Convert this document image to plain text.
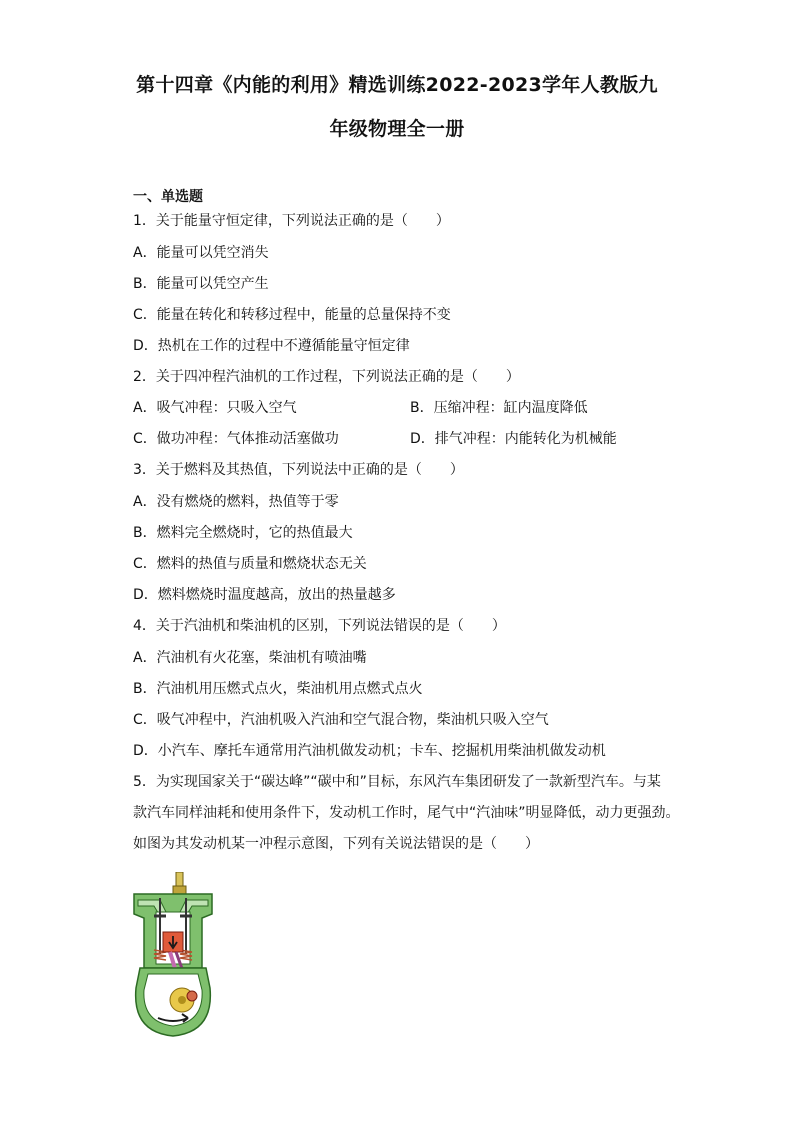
第十四章《内能的利用》精选训练2022-2023学年人教版九
年级物理全一册
一、单选题
1．关于能量守恒定律，下列说法正确的是（　　）
A．能量可以凭空消失
B．能量可以凭空产生
C．能量在转化和转移过程中，能量的总量保持不变
D．热机在工作的过程中不遵循能量守恒定律
2．关于四冲程汽油机的工作过程，下列说法正确的是（　　）
A．吸气冲程：只吸入空气	B．压缩冲程：缸内温度降低
C．做功冲程：气体推动活塞做功	D．排气冲程：内能转化为机械能
3．关于燃料及其热值，下列说法中正确的是（　　）
A．没有燃烧的燃料，热值等于零
B．燃料完全燃烧时，它的热值最大
C．燃料的热值与质量和燃烧状态无关
D．燃料燃烧时温度越高，放出的热量越多
4．关于汽油机和柴油机的区别，下列说法错误的是（　　）
A．汽油机有火花塞，柴油机有喷油嘴
B．汽油机用压燃式点火，柴油机用点燃式点火
C．吸气冲程中，汽油机吸入汽油和空气混合物，柴油机只吸入空气
D．小汽车、摩托车通常用汽油机做发动机；卡车、挖掘机用柴油机做发动机
5．为实现国家关于“碳达峰”“碳中和”目标，东风汽车集团研发了一款新型汽车。与某
款汽车同样油耗和使用条件下，发动机工作时，尾气中“汽油味”明显降低，动力更强劲。
如图为其发动机某一冲程示意图，下列有关说法错误的是（　　）
